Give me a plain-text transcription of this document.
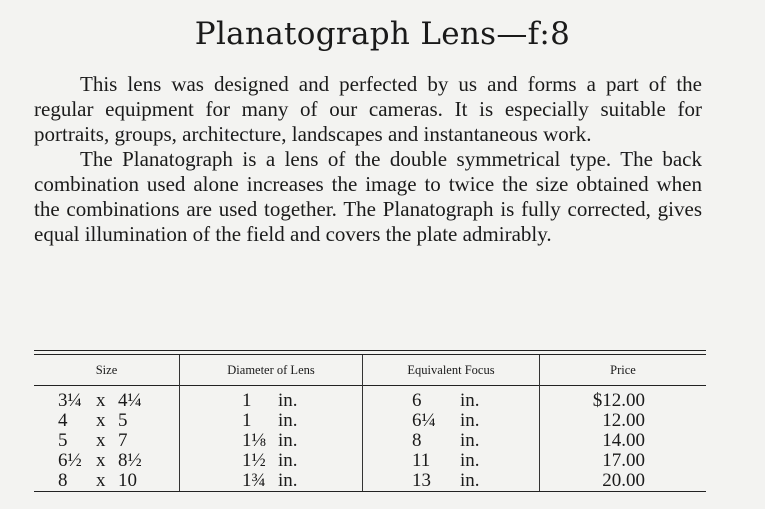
Planatograph Lens—f:8

This lens was designed and perfected by us and forms a part of the regular equipment for many of our cameras. It is especially suitable for portraits, groups, architecture, landscapes and instantaneous work.

The Planatograph is a lens of the double symmetrical type. The back combination used alone increases the image to twice the size obtained when the combinations are used together. The Planatograph is fully corrected, gives equal illumination of the field and covers the plate admirably.

Size	Diameter of Lens	Equivalent Focus	Price
3¼ x 4¼	1 in.	6 in.	$12.00
4 x 5	1 in.	6¼ in.	12.00
5 x 7	1⅛ in.	8 in.	14.00
6½ x 8½	1½ in.	11 in.	17.00
8 x 10	1¾ in.	13 in.	20.00
